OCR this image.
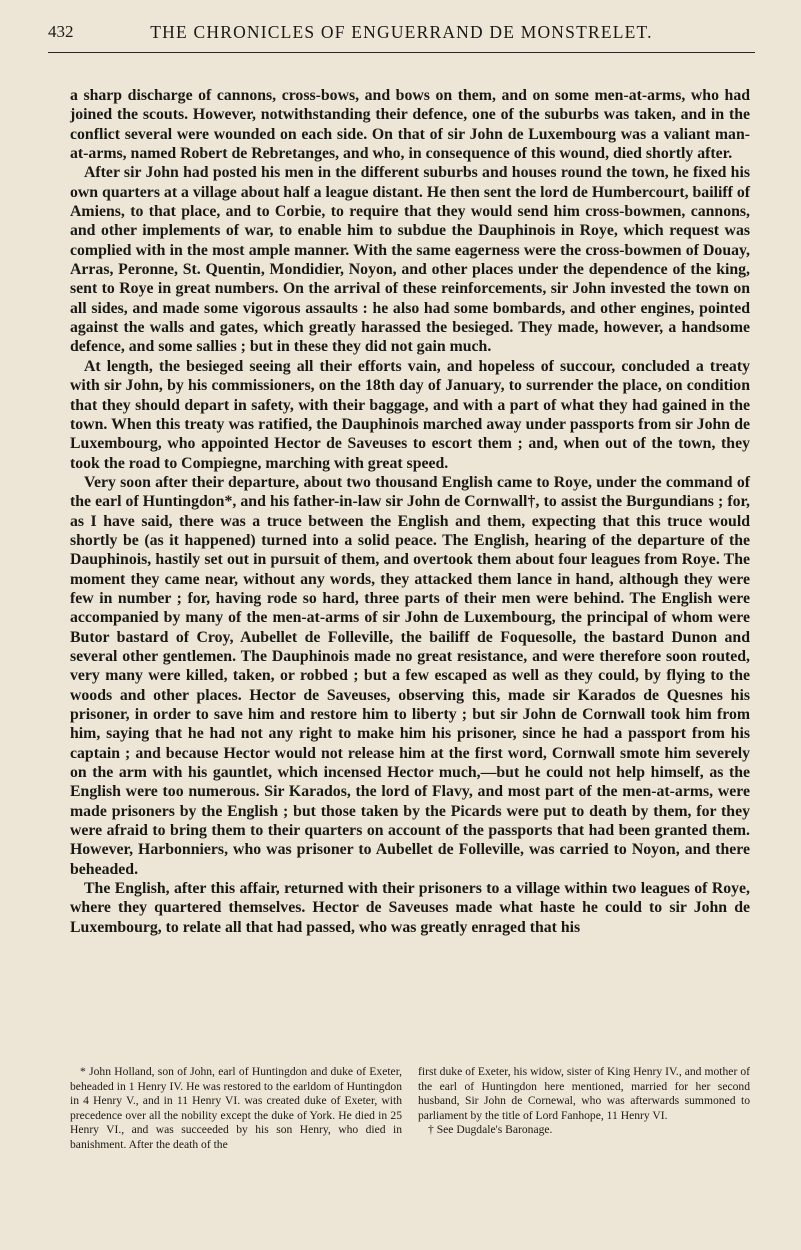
432	THE CHRONICLES OF ENGUERRAND DE MONSTRELET.

a sharp discharge of cannons, cross-bows, and bows on them, and on some men-at-arms, who had joined the scouts. However, notwithstanding their defence, one of the suburbs was taken, and in the conflict several were wounded on each side. On that of sir John de Luxembourg was a valiant man-at-arms, named Robert de Rebretanges, and who, in consequence of this wound, died shortly after.

After sir John had posted his men in the different suburbs and houses round the town, he fixed his own quarters at a village about half a league distant. He then sent the lord de Humbercourt, bailiff of Amiens, to that place, and to Corbie, to require that they would send him cross-bowmen, cannons, and other implements of war, to enable him to subdue the Dauphinois in Roye, which request was complied with in the most ample manner. With the same eagerness were the cross-bowmen of Douay, Arras, Peronne, St. Quentin, Mondidier, Noyon, and other places under the dependence of the king, sent to Roye in great numbers. On the arrival of these reinforcements, sir John invested the town on all sides, and made some vigorous assaults : he also had some bombards, and other engines, pointed against the walls and gates, which greatly harassed the besieged. They made, however, a handsome defence, and some sallies ; but in these they did not gain much.

At length, the besieged seeing all their efforts vain, and hopeless of succour, concluded a treaty with sir John, by his commissioners, on the 18th day of January, to surrender the place, on condition that they should depart in safety, with their baggage, and with a part of what they had gained in the town. When this treaty was ratified, the Dauphinois marched away under passports from sir John de Luxembourg, who appointed Hector de Saveuses to escort them ; and, when out of the town, they took the road to Compiegne, marching with great speed.

Very soon after their departure, about two thousand English came to Roye, under the command of the earl of Huntingdon*, and his father-in-law sir John de Cornwall†, to assist the Burgundians ; for, as I have said, there was a truce between the English and them, expecting that this truce would shortly be (as it happened) turned into a solid peace. The English, hearing of the departure of the Dauphinois, hastily set out in pursuit of them, and overtook them about four leagues from Roye. The moment they came near, without any words, they attacked them lance in hand, although they were few in number ; for, having rode so hard, three parts of their men were behind. The English were accompanied by many of the men-at-arms of sir John de Luxembourg, the principal of whom were Butor bastard of Croy, Aubellet de Folleville, the bailiff de Foquesolle, the bastard Dunon and several other gentlemen. The Dauphinois made no great resistance, and were therefore soon routed, very many were killed, taken, or robbed ; but a few escaped as well as they could, by flying to the woods and other places. Hector de Saveuses, observing this, made sir Karados de Quesnes his prisoner, in order to save him and restore him to liberty ; but sir John de Cornwall took him from him, saying that he had not any right to make him his prisoner, since he had a passport from his captain ; and because Hector would not release him at the first word, Cornwall smote him severely on the arm with his gauntlet, which incensed Hector much,—but he could not help himself, as the English were too numerous. Sir Karados, the lord of Flavy, and most part of the men-at-arms, were made prisoners by the English ; but those taken by the Picards were put to death by them, for they were afraid to bring them to their quarters on account of the passports that had been granted them. However, Harbonniers, who was prisoner to Aubellet de Folleville, was carried to Noyon, and there beheaded.

The English, after this affair, returned with their prisoners to a village within two leagues of Roye, where they quartered themselves. Hector de Saveuses made what haste he could to sir John de Luxembourg, to relate all that had passed, who was greatly enraged that his

* John Holland, son of John, earl of Huntingdon and duke of Exeter, beheaded in 1 Henry IV. He was restored to the earldom of Huntingdon in 4 Henry V., and in 11 Henry VI. was created duke of Exeter, with precedence over all the nobility except the duke of York. He died in 25 Henry VI., and was succeeded by his son Henry, who died in banishment. After the death of the

first duke of Exeter, his widow, sister of King Henry IV., and mother of the earl of Huntingdon here mentioned, married for her second husband, Sir John de Cornewal, who was afterwards summoned to parliament by the title of Lord Fanhope, 11 Henry VI.

† See Dugdale's Baronage.
